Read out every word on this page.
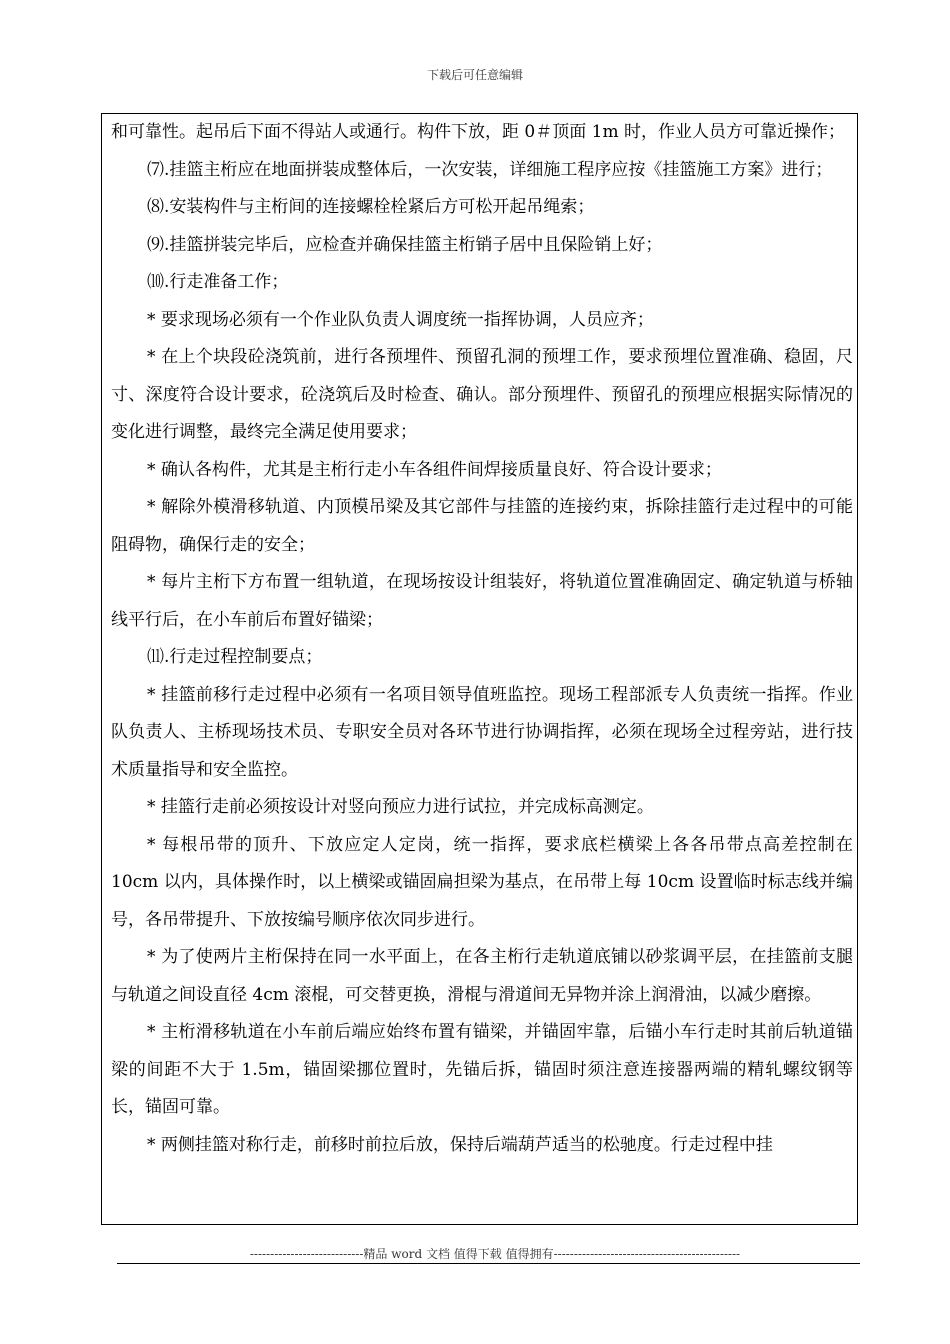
下载后可任意编辑

和可靠性。起吊后下面不得站人或通行。构件下放，距 0＃顶面 1m 时，作业人员方可靠近操作；

⑺.挂篮主桁应在地面拼装成整体后，一次安装，详细施工程序应按《挂篮施工方案》进行；

⑻.安装构件与主桁间的连接螺栓栓紧后方可松开起吊绳索；

⑼.挂篮拼装完毕后，应检查并确保挂篮主桁销子居中且保险销上好；

⑽.行走准备工作；

* 要求现场必须有一个作业队负责人调度统一指挥协调，人员应齐；

* 在上个块段砼浇筑前，进行各预埋件、预留孔洞的预埋工作，要求预埋位置准确、稳固，尺寸、深度符合设计要求，砼浇筑后及时检查、确认。部分预埋件、预留孔的预埋应根据实际情况的变化进行调整，最终完全满足使用要求；

* 确认各构件，尤其是主桁行走小车各组件间焊接质量良好、符合设计要求；

* 解除外模滑移轨道、内顶模吊梁及其它部件与挂篮的连接约束，拆除挂篮行走过程中的可能阻碍物，确保行走的安全；

* 每片主桁下方布置一组轨道，在现场按设计组装好，将轨道位置准确固定、确定轨道与桥轴线平行后，在小车前后布置好锚梁；

⑾.行走过程控制要点；

* 挂篮前移行走过程中必须有一名项目领导值班监控。现场工程部派专人负责统一指挥。作业队负责人、主桥现场技术员、专职安全员对各环节进行协调指挥，必须在现场全过程旁站，进行技术质量指导和安全监控。

* 挂篮行走前必须按设计对竖向预应力进行试拉，并完成标高测定。

* 每根吊带的顶升、下放应定人定岗，统一指挥，要求底栏横梁上各各吊带点高差控制在 10cm 以内，具体操作时，以上横梁或锚固扁担梁为基点，在吊带上每 10cm 设置临时标志线并编号，各吊带提升、下放按编号顺序依次同步进行。

* 为了使两片主桁保持在同一水平面上，在各主桁行走轨道底铺以砂浆调平层，在挂篮前支腿与轨道之间设直径 4cm 滚棍，可交替更换，滑棍与滑道间无异物并涂上润滑油，以减少磨擦。

* 主桁滑移轨道在小车前后端应始终布置有锚梁，并锚固牢靠，后锚小车行走时其前后轨道锚梁的间距不大于 1.5m，锚固梁挪位置时，先锚后拆，锚固时须注意连接器两端的精轧螺纹钢等长，锚固可靠。

* 两侧挂篮对称行走，前移时前拉后放，保持后端葫芦适当的松驰度。行走过程中挂

----------------------------精品 word 文档 值得下载 值得拥有----------------------------------------------
